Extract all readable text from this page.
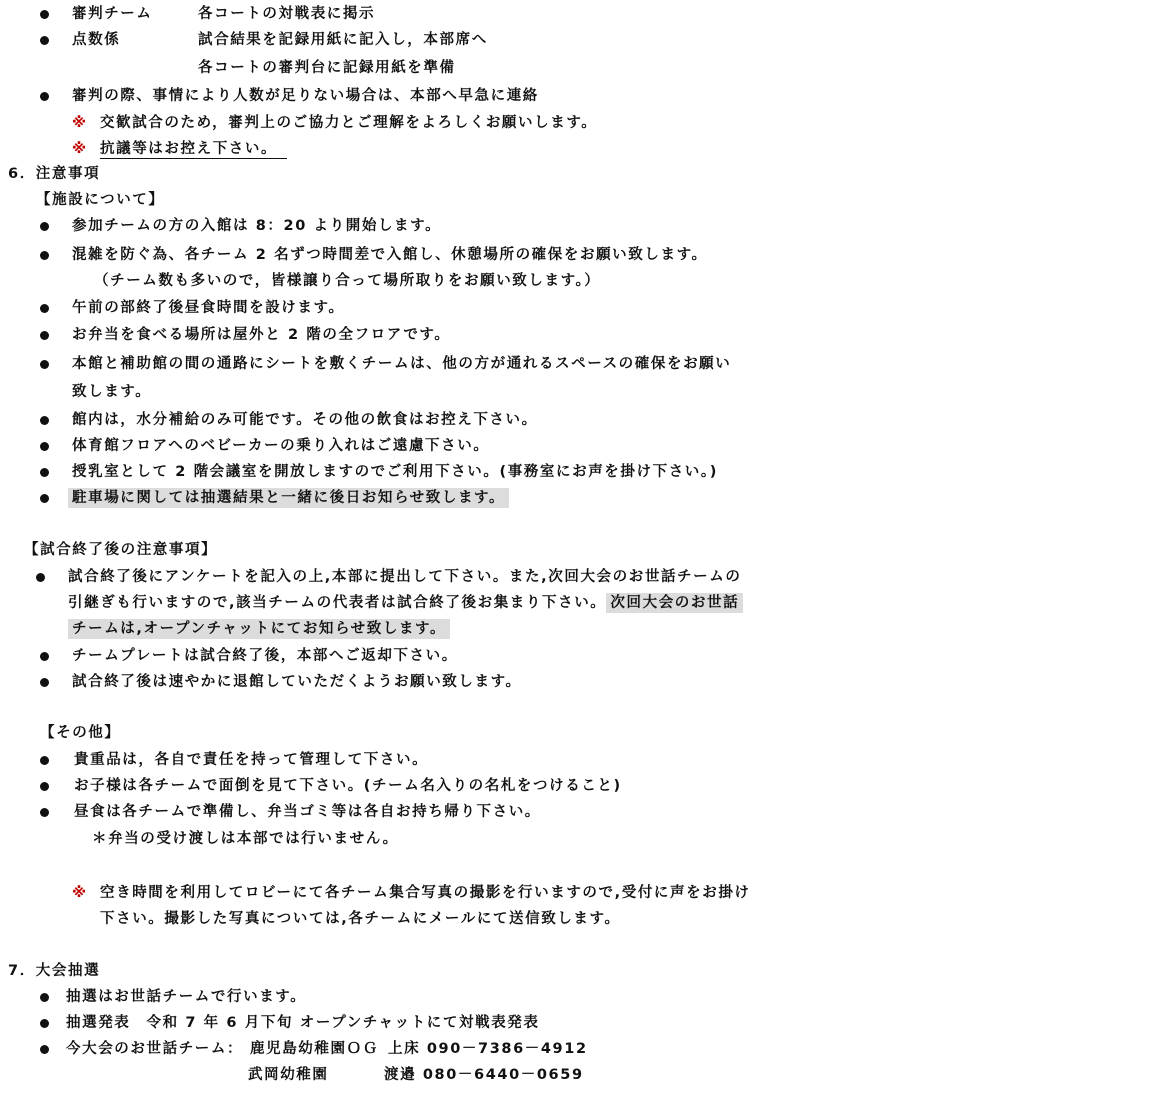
審判チーム	各コートの対戦表に掲示
点数係	試合結果を記録用紙に記入し，本部席へ
各コートの審判台に記録用紙を準備
審判の際、事情により人数が足りない場合は、本部へ早急に連絡
※ 交歓試合のため，審判上のご協力とご理解をよろしくお願いします。
※ 抗議等はお控え下さい。
6．注意事項
【施設について】
参加チームの方の入館は 8：20 より開始します。
混雑を防ぐ為、各チーム 2 名ずつ時間差で入館し、休憩場所の確保をお願い致します。
（チーム数も多いので，皆様譲り合って場所取りをお願い致します。）
午前の部終了後昼食時間を設けます。
お弁当を食べる場所は屋外と 2 階の全フロアです。
本館と補助館の間の通路にシートを敷くチームは、他の方が通れるスペースの確保をお願い
致します。
館内は，水分補給のみ可能です。その他の飲食はお控え下さい。
体育館フロアへのベビーカーの乗り入れはご遠慮下さい。
授乳室として 2 階会議室を開放しますのでご利用下さい。(事務室にお声を掛け下さい。)
駐車場に関しては抽選結果と一緒に後日お知らせ致します。
【試合終了後の注意事項】
試合終了後にアンケートを記入の上,本部に提出して下さい。また,次回大会のお世話チームの
引継ぎも行いますので,該当チームの代表者は試合終了後お集まり下さい。 次回大会のお世話
チームは,オープンチャットにてお知らせ致します。
チームプレートは試合終了後，本部へご返却下さい。
試合終了後は速やかに退館していただくようお願い致します。
【その他】
貴重品は，各自で責任を持って管理して下さい。
お子様は各チームで面倒を見て下さい。(チーム名入りの名札をつけること)
昼食は各チームで準備し、弁当ゴミ等は各自お持ち帰り下さい。
＊弁当の受け渡しは本部では行いません。
※ 空き時間を利用してロビーにて各チーム集合写真の撮影を行いますので,受付に声をお掛け
下さい。撮影した写真については,各チームにメールにて送信致します。
7．大会抽選
抽選はお世話チームで行います。
抽選発表　令和 7 年 6 月下旬 オープンチャットにて対戦表発表
今大会のお世話チーム： 鹿児島幼稚園ＯＧ 上床 090－7386－4912
武岡幼稚園	渡邉 080－6440－0659
